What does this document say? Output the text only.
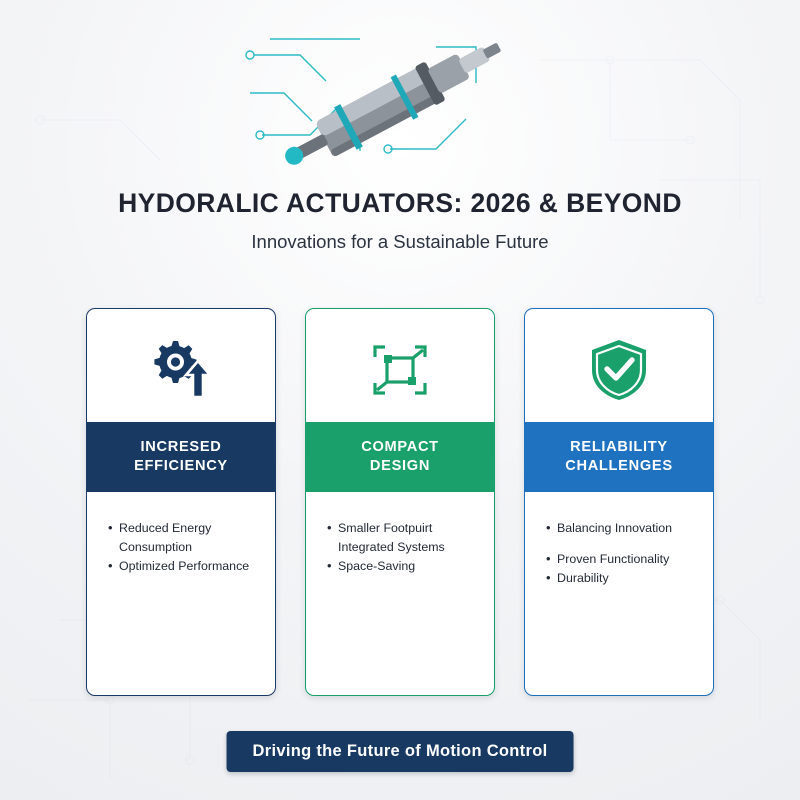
HYDORALIC ACTUATORS: 2026 & BEYOND

Innovations for a Sustainable Future

INCRESED
EFFICIENCY
• Reduced Energy
Consumption
• Optimized Performance
COMPACT
DESIGN
• Smaller Footpuirt
Integrated Systems
• Space-Saving
RELIABILITY
CHALLENGES
• Balancing Innovation
• Proven Functionality
• Durability
Driving the Future of Motion Control
